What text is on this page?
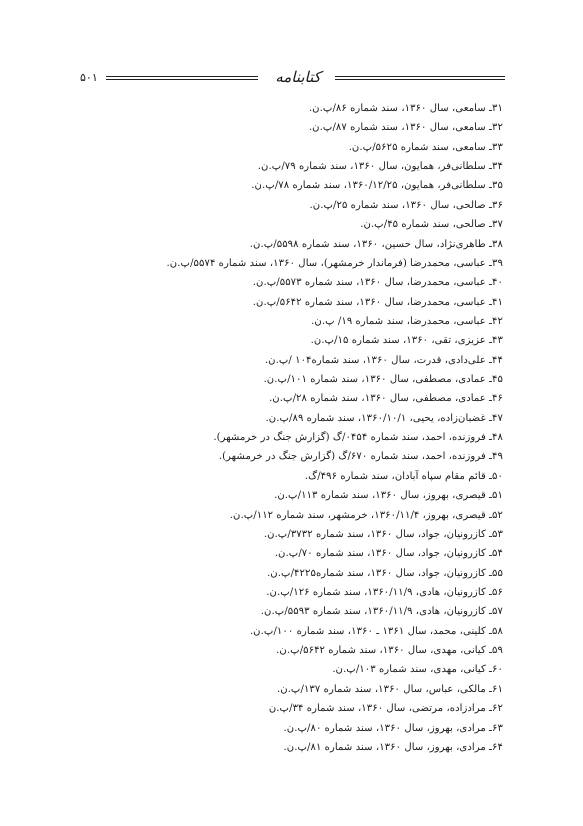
۵۰۱	کتابنامه
۳۱ـ سامعی، سال ۱۳۶۰، سند شماره ۸۶/پ.ن.
۳۲ـ سامعی، سال ۱۳۶۰، سند شماره ۸۷/پ.ن.
۳۳ـ سامعی، سند شماره ۵۶۲۵/پ.ن.
۳۴ـ سلطانی‌فر، همایون، سال ۱۳۶۰، سند شماره ۷۹/پ.ن.
۳۵ـ سلطانی‌فر، همایون، ۱۳۶۰/۱۲/۲۵، سند شماره ۷۸/پ.ن.
۳۶ـ صالحی، سال ۱۳۶۰، سند شماره ۲۵/پ.ن.
۳۷ـ صالحی، سند شماره ۴۵/پ.ن.
۳۸ـ طاهری‌نژاد، سال حسین، ۱۳۶۰، سند شماره ۵۵۹۸/پ.ن.
۳۹ـ عباسی، محمدرضا (فرماندار خرمشهر)، سال ۱۳۶۰، سند شماره ۵۵۷۴/پ.ن.
۴۰ـ عباسی، محمدرضا، سال ۱۳۶۰، سند شماره ۵۵۷۳/پ.ن.
۴۱ـ عباسی، محمدرضا، سال ۱۳۶۰، سند شماره ۵۶۴۲/پ.ن.
۴۲ـ عباسی، محمدرضا، سند شماره ۱۹/ پ.ن.
۴۳ـ عزیزی، تقی، ۱۳۶۰، سند شماره ۱۵/پ.ن.
۴۴ـ علی‌دادی، قدرت، سال ۱۳۶۰، سند شماره۱۰۴ /پ.ن.
۴۵ـ عمادی، مصطفی، سال ۱۳۶۰، سند شماره ۱۰۱/پ.ن.
۴۶ـ عمادی، مصطفی، سال ۱۳۶۰، سند شماره ۲۸/پ.ن.
۴۷ـ غضبان‌زاده، یحیی، ۱۳۶۰/۱۰/۱، سند شماره ۸۹/پ.ن.
۴۸ـ فروزنده، احمد، سند شماره ۰۴۵۴/گ (گزارش جنگ در خرمشهر).
۴۹ـ فروزنده، احمد، سند شماره ۶۷۰/گ (گزارش جنگ در خرمشهر).
۵۰ـ قائم مقام سپاه آبادان، سند شماره ۴۹۶/گ.
۵۱ـ قیصری، بهروز، سال ۱۳۶۰، سند شماره ۱۱۳/پ.ن.
۵۲ـ قیصری، بهروز، ۱۳۶۰/۱۱/۴، خرمشهر، سند شماره ۱۱۲/پ.ن.
۵۳ـ کازرونیان، جواد، سال ۱۳۶۰، سند شماره ۳۷۳۲/پ.ن.
۵۴ـ کازرونیان، جواد، سال ۱۳۶۰، سند شماره ۷۰/پ.ن.
۵۵ـ کازرونیان، جواد، سال ۱۳۶۰، سند شماره۴۲۲۵/پ.ن.
۵۶ـ کازرونیان، هادی، ۱۳۶۰/۱۱/۹، سند شماره ۱۲۶/پ.ن.
۵۷ـ کازرونیان، هادی، ۱۳۶۰/۱۱/۹، سند شماره ۵۵۹۳/پ.ن.
۵۸ـ کلینی، محمد، سال ۱۳۶۱ ـ ۱۳۶۰، سند شماره ۱۰۰/پ.ن.
۵۹ـ کیانی، مهدی، سال ۱۳۶۰، سند شماره ۵۶۴۲/پ.ن.
۶۰ـ کیانی، مهدی، سند شماره ۱۰۳/پ.ن.
۶۱ـ مالکی، عباس، سال ۱۳۶۰، سند شماره ۱۳۷/پ.ن.
۶۲ـ مرادزاده، مرتضی، سال ۱۳۶۰، سند شماره ۳۴/پ.ن
۶۳ـ مرادی، بهروز، سال ۱۳۶۰، سند شماره ۸۰/پ.ن.
۶۴ـ مرادی، بهروز، سال ۱۳۶۰، سند شماره ۸۱/پ.ن.
